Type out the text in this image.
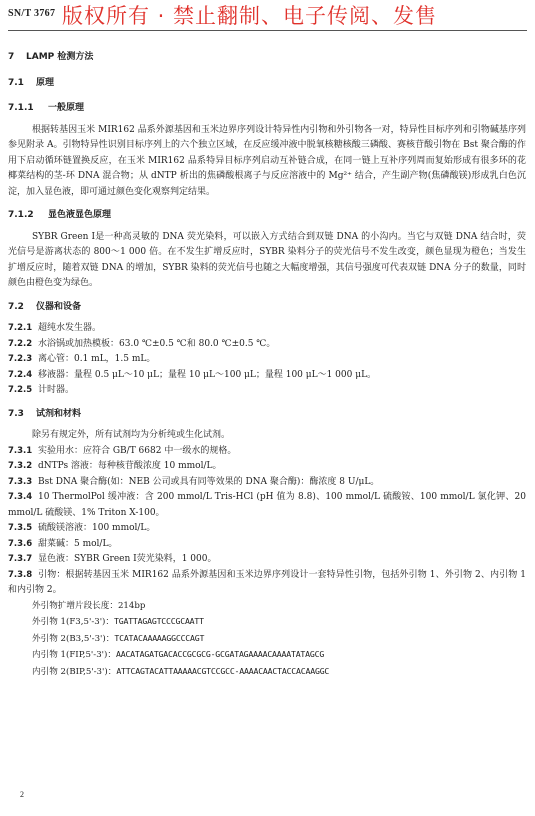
SN/T 3767 版权所有 · 禁止翻制、电子传阅、发售
7 LAMP 检测方法
7.1 原理
7.1.1 一般原理

根据转基因玉米 MIR162 品系外源基因和玉米边界序列设计特异性内引物和外引物各一对，特异性目标序列和引物碱基序列参见附录 A。引物特异性识别目标序列上的六个独立区域，在反应缓冲液中脱氧核糖核酸三磷酸、赛核苷酸引物在 Bst 聚合酶的作用下启动循环链置换反应，在玉米 MIR162 品系特异目标序列启动互补链合成，在同一链上互补序列周而复始形成有很多环的花椰菜结构的茎-环 DNA 混合物；从 dNTP 析出的焦磷酸根离子与反应溶液中的 Mg²⁺ 结合，产生副产物(焦磷酸镁)形成乳白色沉淀，加入显色液，即可通过颜色变化观察判定结果。

7.1.2 显色液显色原理

SYBR Green Ⅰ是一种高灵敏的 DNA 荧光染料，可以嵌入方式结合到双链 DNA 的小沟内。当它与双链 DNA 结合时，荧光信号是游离状态的 800～1 000 倍。在不发生扩增反应时，SYBR 染料分子的荧光信号不发生改变，颜色显现为橙色；当发生扩增反应时，随着双链 DNA 的增加，SYBR 染料的荧光信号也随之大幅度增强，其信号强度可代表双链 DNA 分子的数量，同时颜色由橙色变为绿色。

7.2 仪器和设备
7.2.1 超纯水发生器。
7.2.2 水浴锅或加热模板：63.0 ℃±0.5 ℃和 80.0 ℃±0.5 ℃。
7.2.3 离心管：0.1 mL，1.5 mL。
7.2.4 移液器：量程 0.5 μL～10 μL；量程 10 μL～100 μL；量程 100 μL～1 000 μL。
7.2.5 计时器。
7.3 试剂和材料

除另有规定外，所有试剂均为分析纯或生化试剂。

7.3.1 实验用水：应符合 GB/T 6682 中一级水的规格。
7.3.2 dNTPs 溶液：每种核苷酸浓度 10 mmol/L。
7.3.3 Bst DNA 聚合酶(如：NEB 公司或具有同等效果的 DNA 聚合酶)：酶浓度 8 U/μL。
7.3.4 10 ThermolPol 缓冲液：含 200 mmol/L Tris-HCl (pH 值为 8.8)、100 mmol/L 硫酸铵、100 mmol/L 氯化钾、20 mmol/L 硫酸镁、1% Triton X-100。
7.3.5 硫酸镁溶液：100 mmol/L。
7.3.6 甜菜碱：5 mol/L。
7.3.7 显色液：SYBR Green Ⅰ荧光染料，1 000。
7.3.8 引物：根据转基因玉米 MIR162 品系外源基因和玉米边界序列设计一套特异性引物，包括外引物 1、外引物 2、内引物 1 和内引物 2。
外引物扩增片段长度：214bp
外引物 1(F3,5'-3')：TGATTAGAGTCCCGCAATT
外引物 2(B3,5'-3')：TCATACAAAAAGGCCCAGT
内引物 1(FIP,5'-3')：AACATAGATGACACCGCGCG-GCGATAGAAAACAAAATATAGCG
内引物 2(BIP,5'-3')：ATTCAGTACATTAAAAACGTCCGCC-AAAACAACTACCACAAGGC
2
